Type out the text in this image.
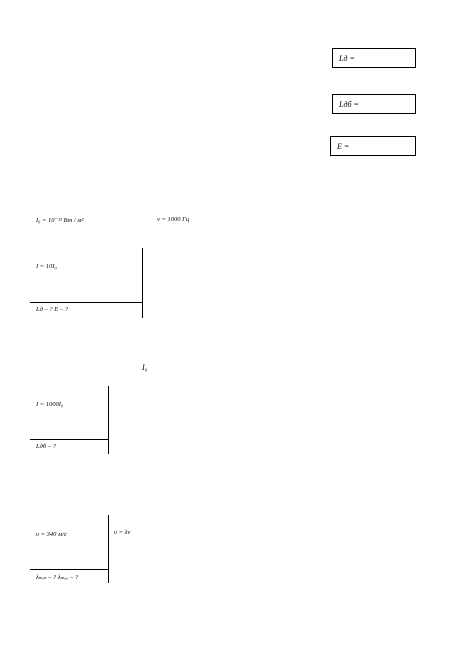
Lд =
Lдб =
E =
I₀ = 10⁻¹² Вт / м²	ν = 1000 Гц
I = 10I₀
Lд – ? E – ?
I₀
I = 1000I₀
Lдб – ?
υ = 340 м/c	υ = λν
λₘᵢₙ – ? λₘₐₓ – ?
